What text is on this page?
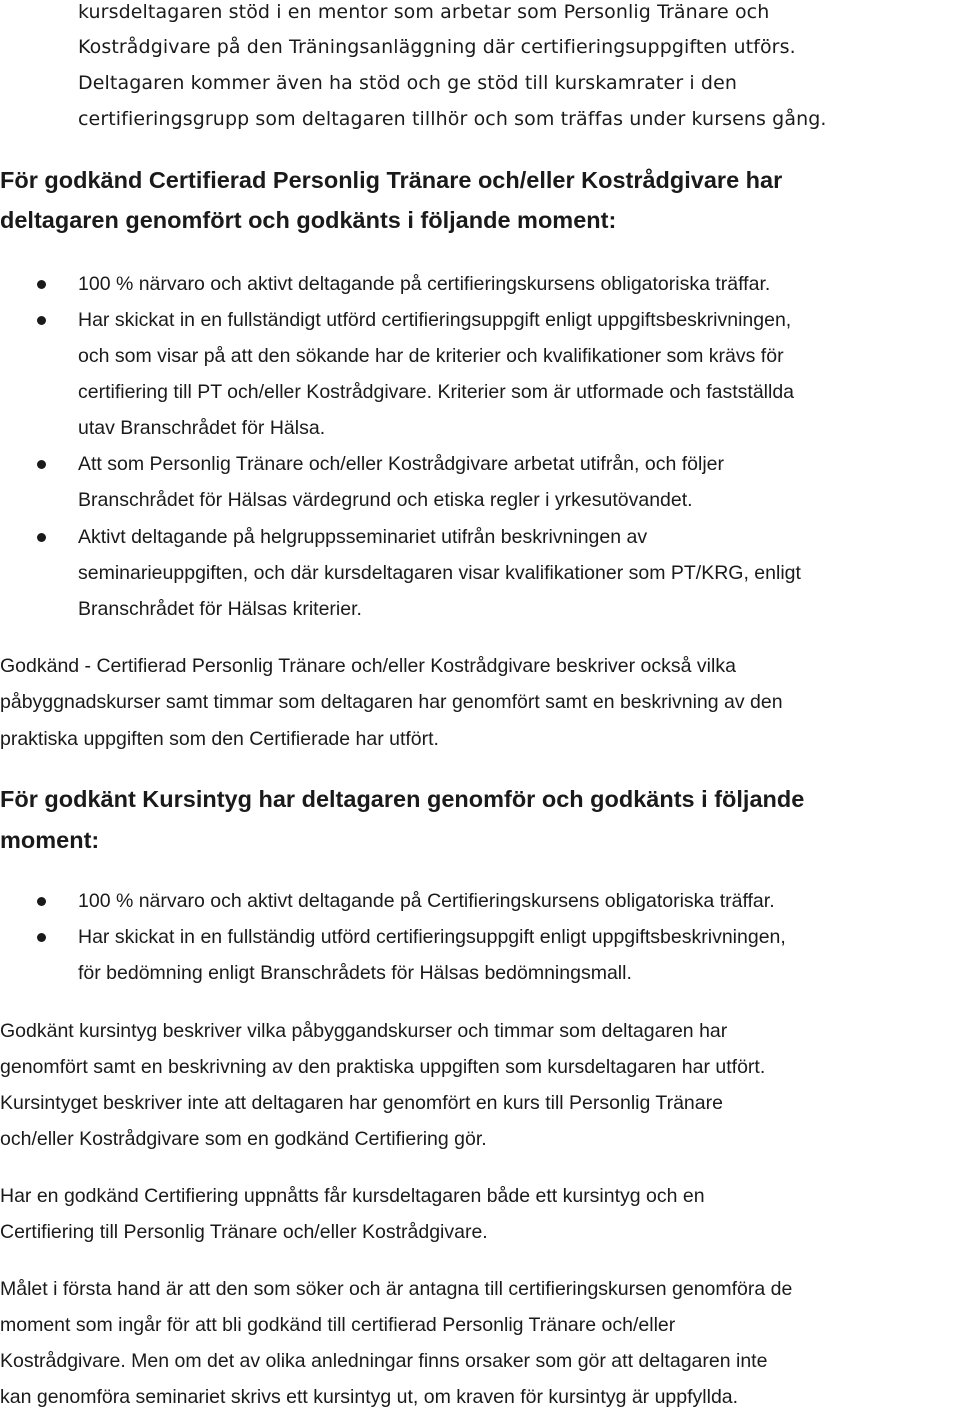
kursdeltagaren stöd i en mentor som arbetar som Personlig Tränare och
Kostrådgivare på den Träningsanläggning där certifieringsuppgiften utförs.
Deltagaren kommer även ha stöd och ge stöd till kurskamrater i den
certifieringsgrupp som deltagaren tillhör och som träffas under kursens gång.
För godkänd Certifierad Personlig Tränare och/eller Kostrådgivare har
deltagaren genomfört och godkänts i följande moment:
100 % närvaro och aktivt deltagande på certifieringskursens obligatoriska träffar.
Har skickat in en fullständigt utförd certifieringsuppgift enligt uppgiftsbeskrivningen,
och som visar på att den sökande har de kriterier och kvalifikationer som krävs för
certifiering till PT och/eller Kostrådgivare. Kriterier som är utformade och fastställda
utav Branschrådet för Hälsa.
Att som Personlig Tränare och/eller Kostrådgivare arbetat utifrån, och följer
Branschrådet för Hälsas värdegrund och etiska regler i yrkesutövandet.
Aktivt deltagande på helgruppsseminariet utifrån beskrivningen av
seminarieuppgiften, och där kursdeltagaren visar kvalifikationer som PT/KRG, enligt
Branschrådet för Hälsas kriterier.
Godkänd - Certifierad Personlig Tränare och/eller Kostrådgivare beskriver också vilka
påbyggnadskurser samt timmar som deltagaren har genomfört samt en beskrivning av den
praktiska uppgiften som den Certifierade har utfört.
För godkänt Kursintyg har deltagaren genomför och godkänts i följande
moment:
100 % närvaro och aktivt deltagande på Certifieringskursens obligatoriska träffar.
Har skickat in en fullständig utförd certifieringsuppgift enligt uppgiftsbeskrivningen,
för bedömning enligt Branschrådets för Hälsas bedömningsmall.
Godkänt kursintyg beskriver vilka påbyggandskurser och timmar som deltagaren har
genomfört samt en beskrivning av den praktiska uppgiften som kursdeltagaren har utfört.
Kursintyget beskriver inte att deltagaren har genomfört en kurs till Personlig Tränare
och/eller Kostrådgivare som en godkänd Certifiering gör.
Har en godkänd Certifiering uppnåtts får kursdeltagaren både ett kursintyg och en
Certifiering till Personlig Tränare och/eller Kostrådgivare.
Målet i första hand är att den som söker och är antagna till certifieringskursen genomföra de
moment som ingår för att bli godkänd till certifierad Personlig Tränare och/eller
Kostrådgivare. Men om det av olika anledningar finns orsaker som gör att deltagaren inte
kan genomföra seminariet skrivs ett kursintyg ut, om kraven för kursintyg är uppfyllda.
